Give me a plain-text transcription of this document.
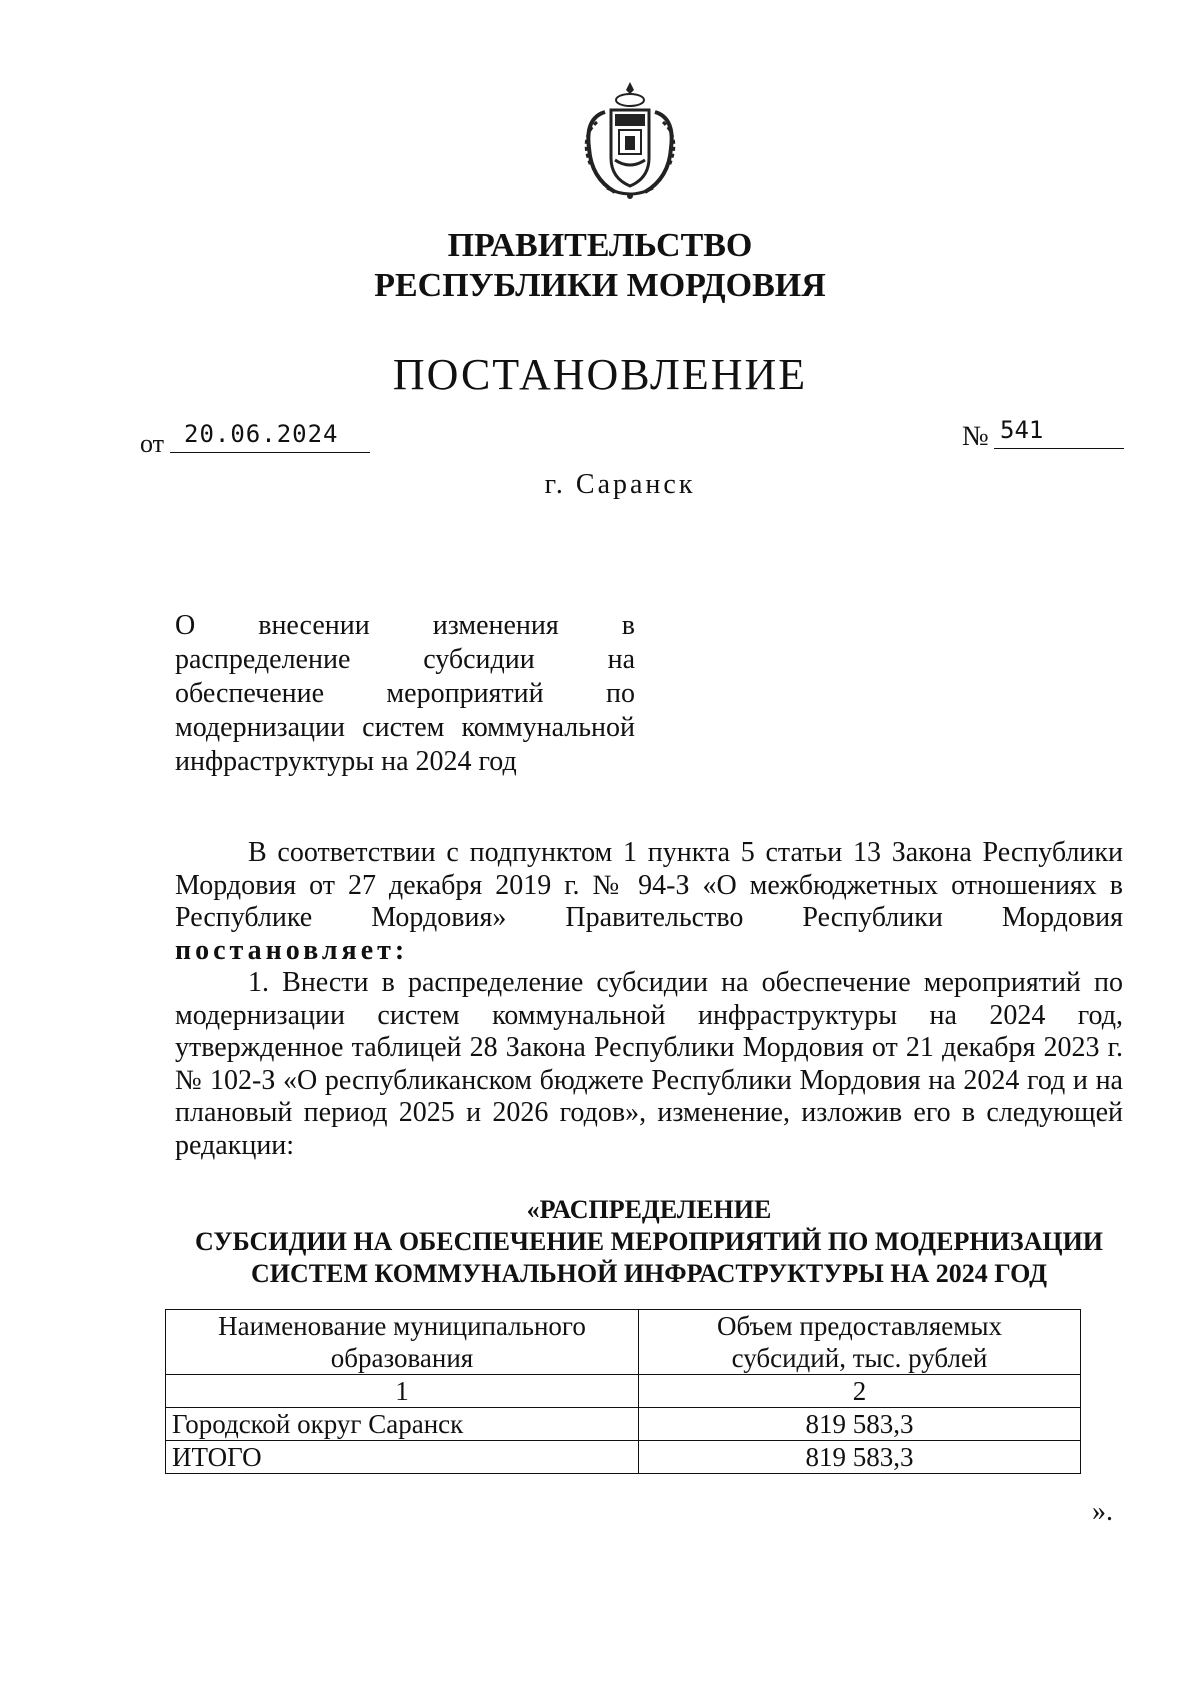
ПРАВИТЕЛЬСТВО
РЕСПУБЛИКИ МОРДОВИЯ
ПОСТАНОВЛЕНИЕ
от 20.06.2024	№ 541
г. Саранск
О внесении изменения в
распределение субсидии на
обеспечение мероприятий по
модернизации систем коммунальной
инфраструктуры на 2024 год

В соответствии с подпунктом 1 пункта 5 статьи 13 Закона Республики Мордовия от 27 декабря 2019 г. № 94-З «О межбюджетных отношениях в Республике Мордовия» Правительство Республики Мордовия постановляет:

1. Внести в распределение субсидии на обеспечение мероприятий по модернизации систем коммунальной инфраструктуры на 2024 год, утвержденное таблицей 28 Закона Республики Мордовия от 21 декабря 2023 г. № 102-З «О республиканском бюджете Республики Мордовия на 2024 год и на плановый период 2025 и 2026 годов», изменение, изложив его в следующей редакции:

«РАСПРЕДЕЛЕНИЕ
СУБСИДИИ НА ОБЕСПЕЧЕНИЕ МЕРОПРИЯТИЙ ПО МОДЕРНИЗАЦИИ
СИСТЕМ КОММУНАЛЬНОЙ ИНФРАСТРУКТУРЫ НА 2024 ГОД
Наименование муниципального образования	Объем предоставляемых субсидий, тыс. рублей
1	2
Городской округ Саранск	819 583,3
ИТОГО	819 583,3
».
